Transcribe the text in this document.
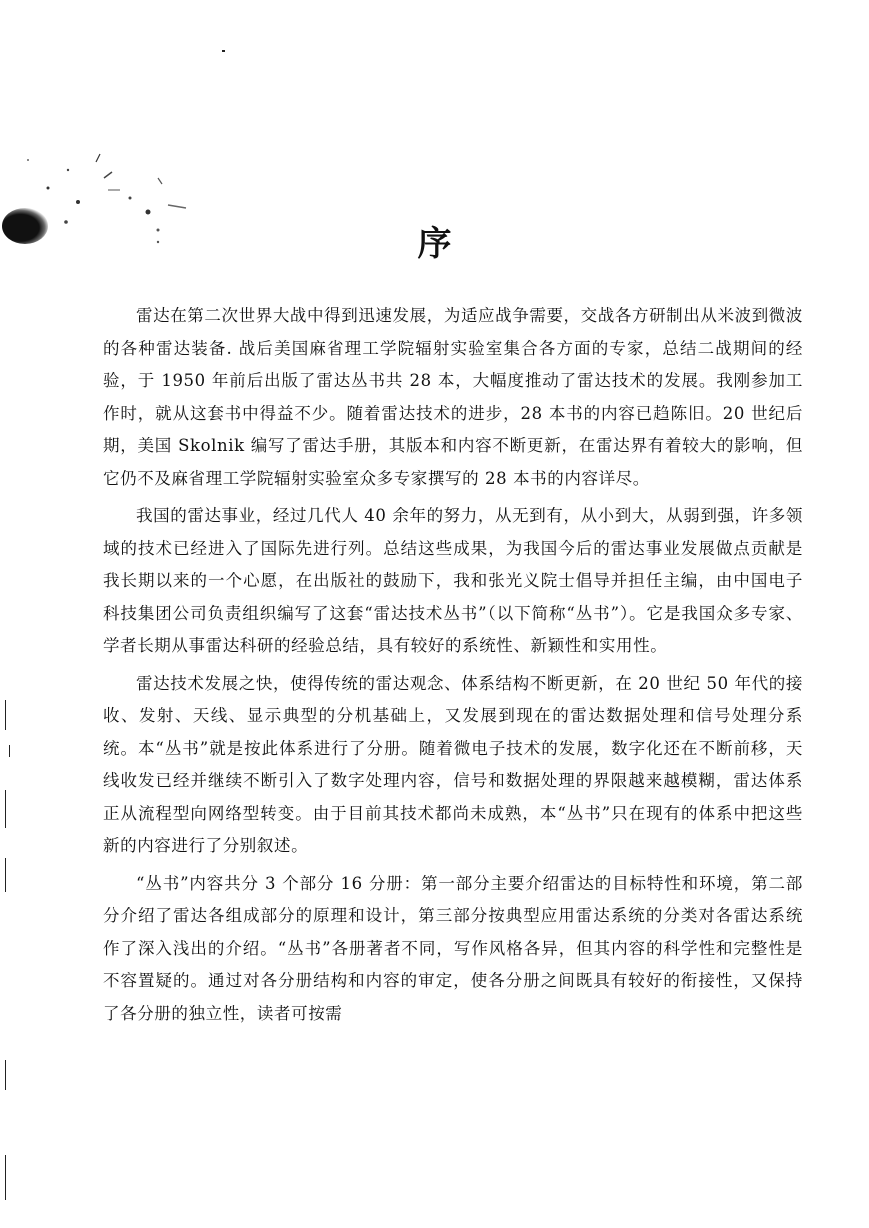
序

雷达在第二次世界大战中得到迅速发展，为适应战争需要，交战各方研制出从米波到微波的各种雷达装备. 战后美国麻省理工学院辐射实验室集合各方面的专家，总结二战期间的经验，于 1950 年前后出版了雷达丛书共 28 本，大幅度推动了雷达技术的发展。我刚参加工作时，就从这套书中得益不少。随着雷达技术的进步，28 本书的内容已趋陈旧。20 世纪后期，美国 Skolnik 编写了雷达手册，其版本和内容不断更新，在雷达界有着较大的影响，但它仍不及麻省理工学院辐射实验室众多专家撰写的 28 本书的内容详尽。

我国的雷达事业，经过几代人 40 余年的努力，从无到有，从小到大，从弱到强，许多领域的技术已经进入了国际先进行列。总结这些成果，为我国今后的雷达事业发展做点贡献是我长期以来的一个心愿，在出版社的鼓励下，我和张光义院士倡导并担任主编，由中国电子科技集团公司负责组织编写了这套“雷达技术丛书”（以下简称“丛书”）。它是我国众多专家、学者长期从事雷达科研的经验总结，具有较好的系统性、新颖性和实用性。

雷达技术发展之快，使得传统的雷达观念、体系结构不断更新，在 20 世纪 50 年代的接收、发射、天线、显示典型的分机基础上，又发展到现在的雷达数据处理和信号处理分系统。本“丛书”就是按此体系进行了分册。随着微电子技术的发展，数字化还在不断前移，天线收发已经并继续不断引入了数字处理内容，信号和数据处理的界限越来越模糊，雷达体系正从流程型向网络型转变。由于目前其技术都尚未成熟，本“丛书”只在现有的体系中把这些新的内容进行了分别叙述。

“丛书”内容共分 3 个部分 16 分册：第一部分主要介绍雷达的目标特性和环境，第二部分介绍了雷达各组成部分的原理和设计，第三部分按典型应用雷达系统的分类对各雷达系统作了深入浅出的介绍。“丛书”各册著者不同，写作风格各异，但其内容的科学性和完整性是不容置疑的。通过对各分册结构和内容的审定，使各分册之间既具有较好的衔接性，又保持了各分册的独立性，读者可按需
